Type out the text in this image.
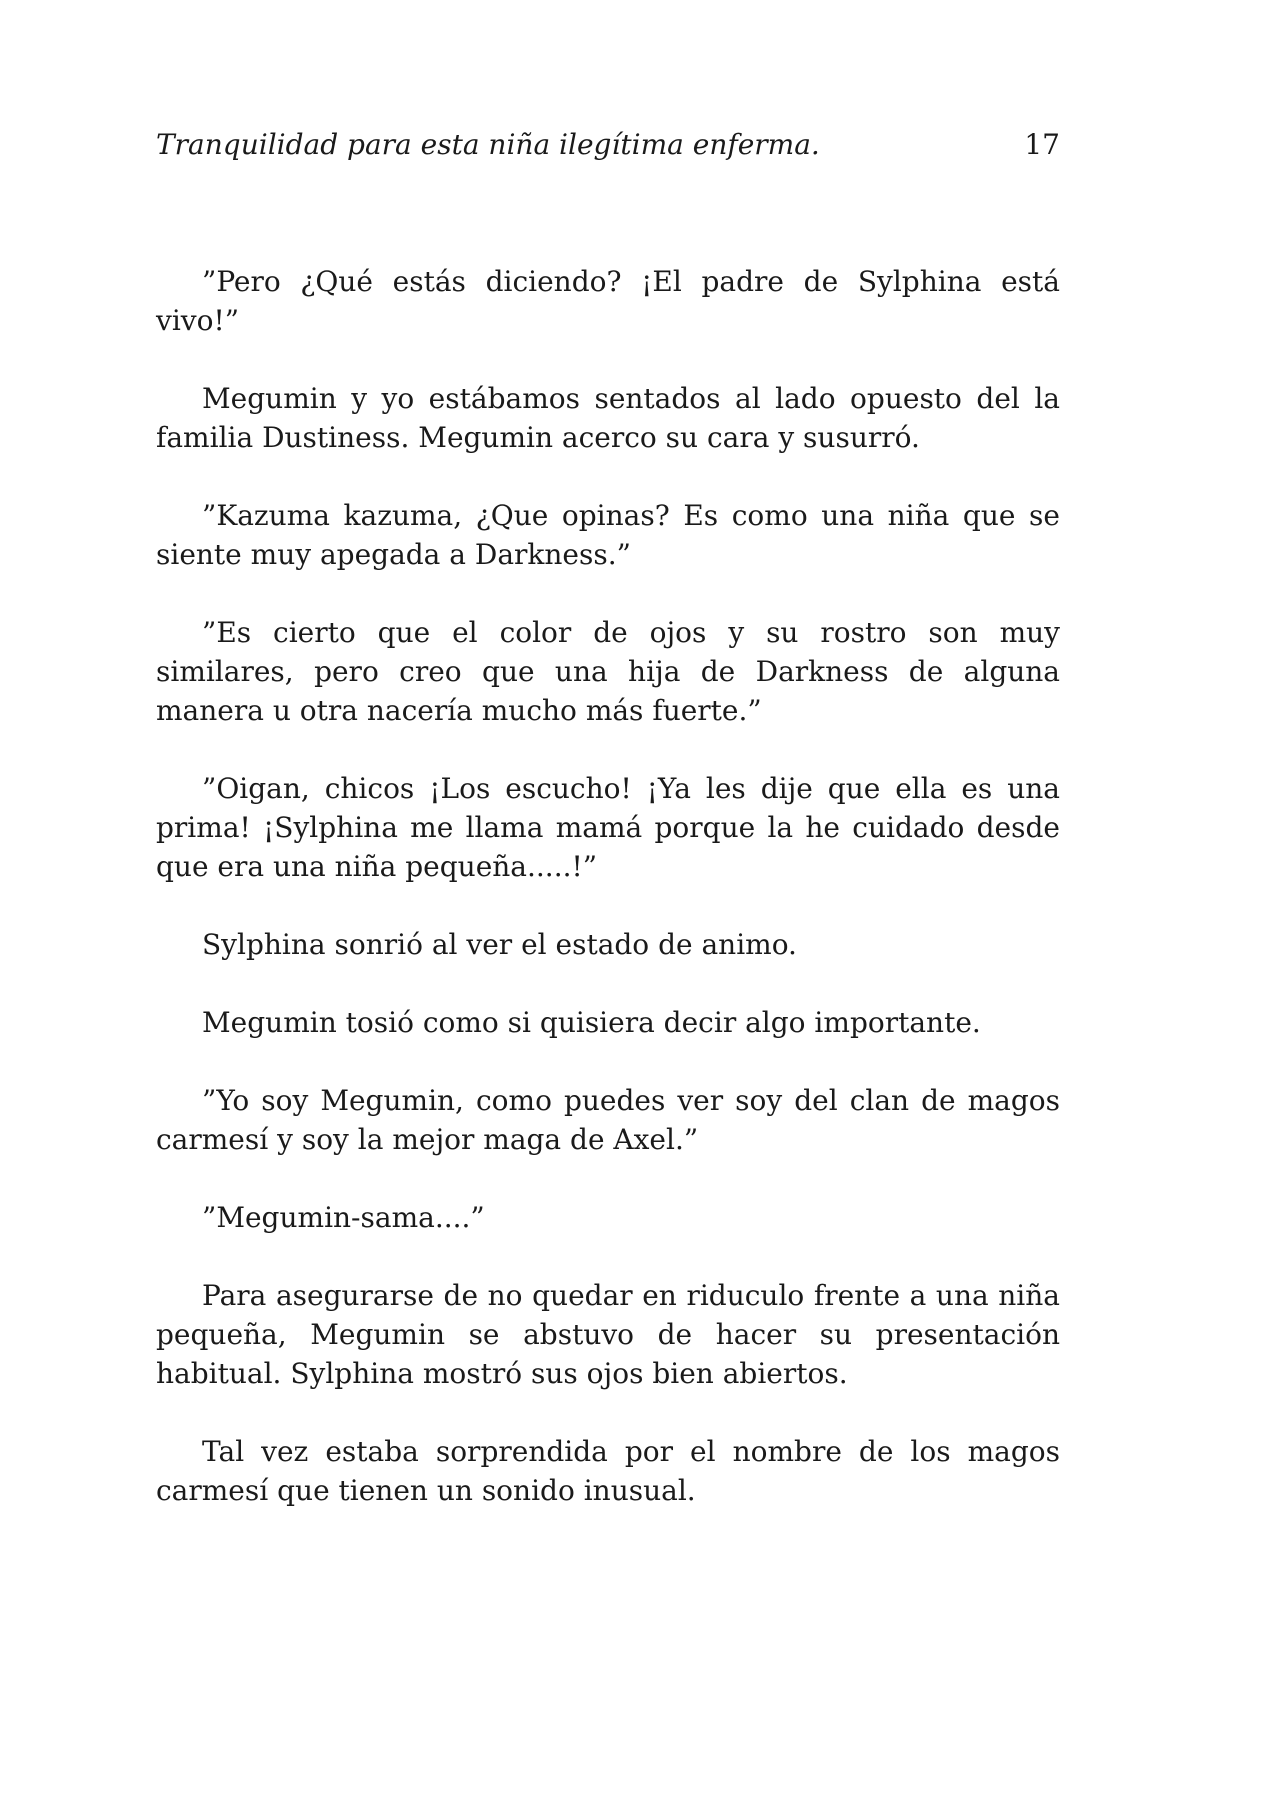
Tranquilidad para esta niña ilegítima enferma.	17

”Pero ¿Qué estás diciendo? ¡El padre de Sylphina está vivo!”

Megumin y yo estábamos sentados al lado opuesto del la familia Dustiness. Megumin acerco su cara y susurró.

”Kazuma kazuma, ¿Que opinas? Es como una niña que se siente muy apegada a Darkness.”

”Es cierto que el color de ojos y su rostro son muy similares, pero creo que una hija de Darkness de alguna manera u otra nacería mucho más fuerte.”

”Oigan, chicos ¡Los escucho! ¡Ya les dije que ella es una prima! ¡Sylphina me llama mamá porque la he cuidado desde que era una niña pequeña.....!”

Sylphina sonrió al ver el estado de animo.

Megumin tosió como si quisiera decir algo importante.

”Yo soy Megumin, como puedes ver soy del clan de magos carmesí y soy la mejor maga de Axel.”

”Megumin-sama....”

Para asegurarse de no quedar en riduculo frente a una niña pequeña, Megumin se abstuvo de hacer su presentación habitual. Sylphina mostró sus ojos bien abiertos.

Tal vez estaba sorprendida por el nombre de los magos carmesí que tienen un sonido inusual.
